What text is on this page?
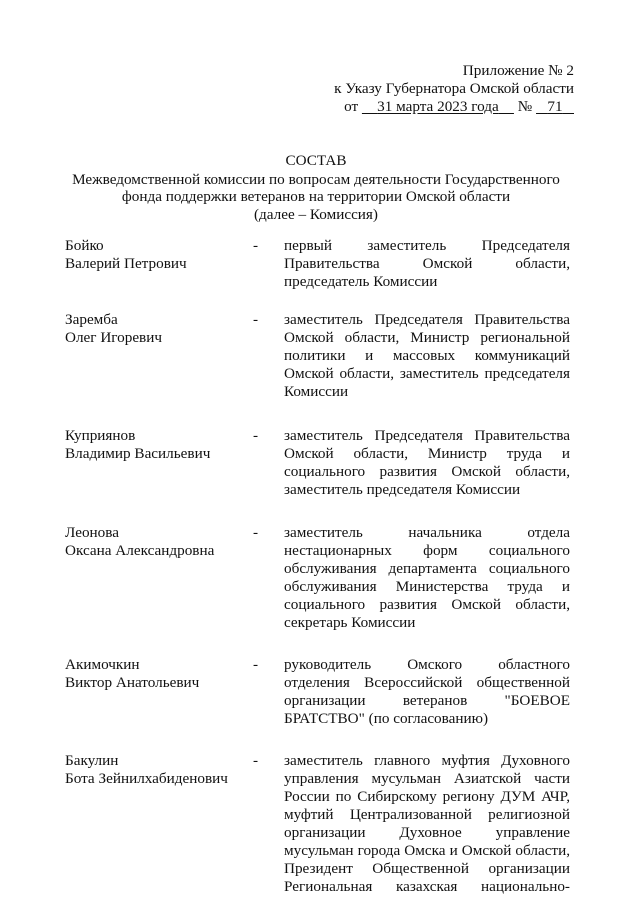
Приложение № 2
к Указу Губернатора Омской области
от 31 марта 2023 года № 71
СОСТАВ
Межведомственной комиссии по вопросам деятельности Государственного
фонда поддержки ветеранов на территории Омской области
(далее – Комиссия)
Бойко
Валерий Петрович
- первый заместитель Председателя
Правительства Омской области,
председатель Комиссии
Заремба
Олег Игоревич
- заместитель Председателя Правительства
Омской области, Министр региональной
политики и массовых коммуникаций
Омской области, заместитель председателя
Комиссии
Куприянов
Владимир Васильевич
- заместитель Председателя Правительства
Омской области, Министр труда и
социального развития Омской области,
заместитель председателя Комиссии
Леонова
Оксана Александровна
- заместитель начальника отдела
нестационарных форм социального
обслуживания департамента социального
обслуживания Министерства труда и
социального развития Омской области,
секретарь Комиссии
Акимочкин
Виктор Анатольевич
- руководитель Омского областного
отделения Всероссийской общественной
организации ветеранов "БОЕВОЕ
БРАТСТВО" (по согласованию)
Бакулин
Бота Зейнилхабиденович
- заместитель главного муфтия Духовного
управления мусульман Азиатской части
России по Сибирскому региону ДУМ АЧР,
муфтий Централизованной религиозной
организации Духовное управление
мусульман города Омска и Омской области,
Президент Общественной организации
Региональная казахская национально-
